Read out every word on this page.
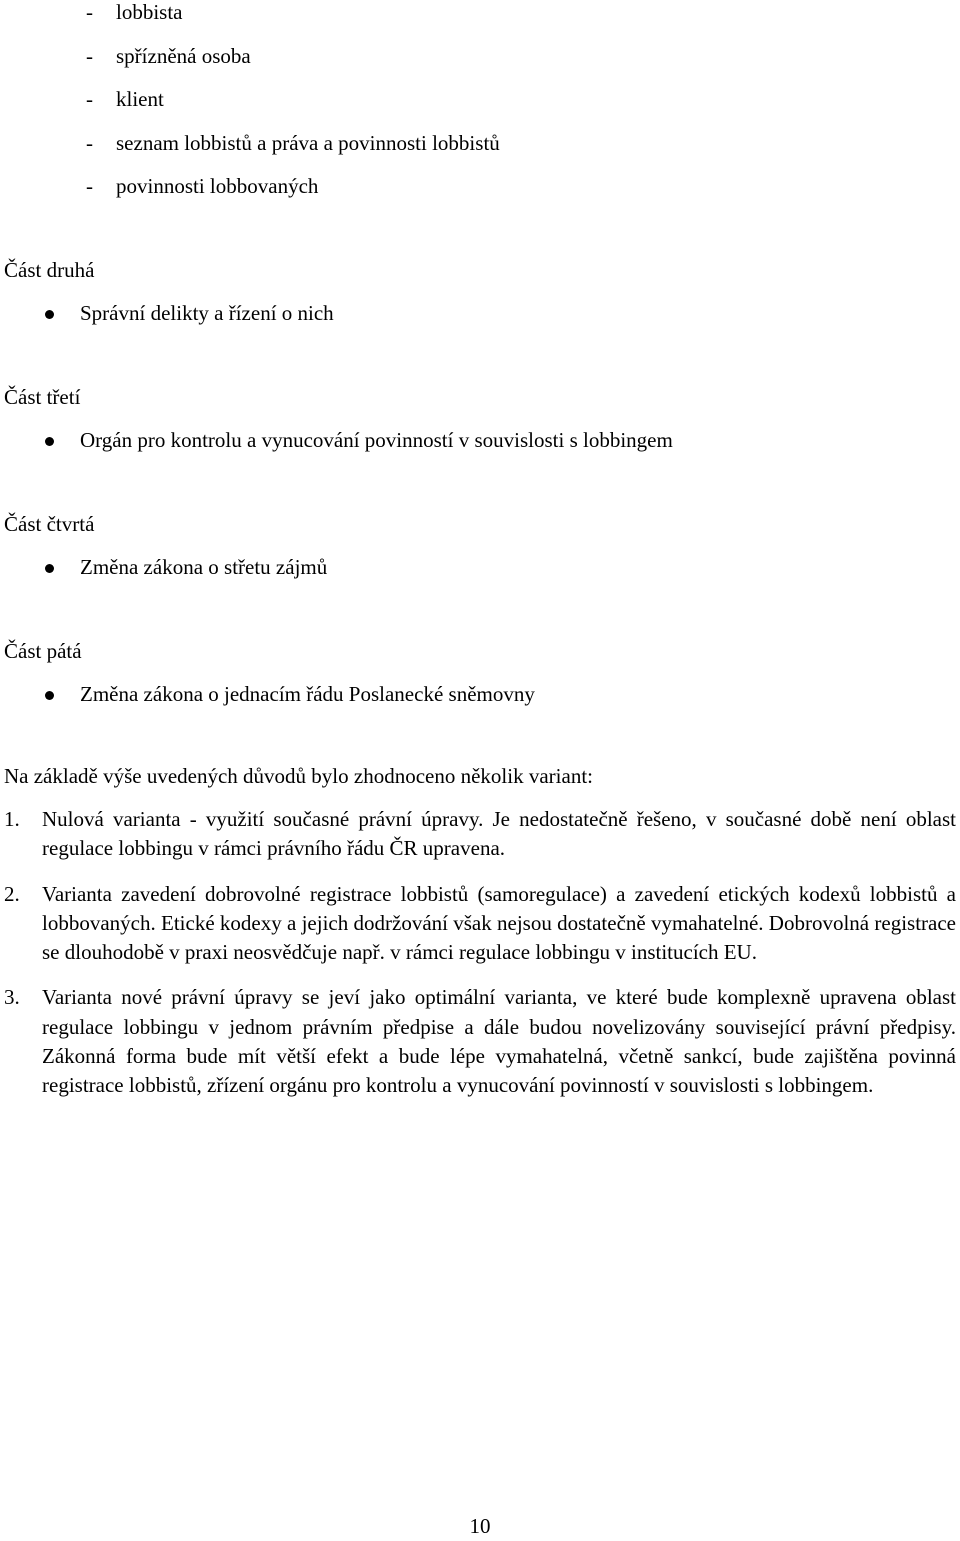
- lobbista
- spřízněná osoba
- klient
- seznam lobbistů a práva a povinnosti lobbistů
- povinnosti lobbovaných
Část druhá
Správní delikty a řízení o nich
Část třetí
Orgán pro kontrolu a vynucování povinností v souvislosti s lobbingem
Část čtvrtá
Změna zákona o střetu zájmů
Část pátá
Změna zákona o jednacím řádu Poslanecké sněmovny
Na základě výše uvedených důvodů bylo zhodnoceno několik variant:
1. Nulová varianta - využití současné právní úpravy. Je nedostatečně řešeno, v současné době není oblast regulace lobbingu v rámci právního řádu ČR upravena.
2. Varianta zavedení dobrovolné registrace lobbistů (samoregulace) a zavedení etických kodexů lobbistů a lobbovaných. Etické kodexy a jejich dodržování však nejsou dostatečně vymahatelné. Dobrovolná registrace se dlouhodobě v praxi neosvědčuje např. v rámci regulace lobbingu v institucích EU.
3. Varianta nové právní úpravy se jeví jako optimální varianta, ve které bude komplexně upravena oblast regulace lobbingu v jednom právním předpise a dále budou novelizovány související právní předpisy. Zákonná forma bude mít větší efekt a bude lépe vymahatelná, včetně sankcí, bude zajištěna povinná registrace lobbistů, zřízení orgánu pro kontrolu a vynucování povinností v souvislosti s lobbingem.
10
